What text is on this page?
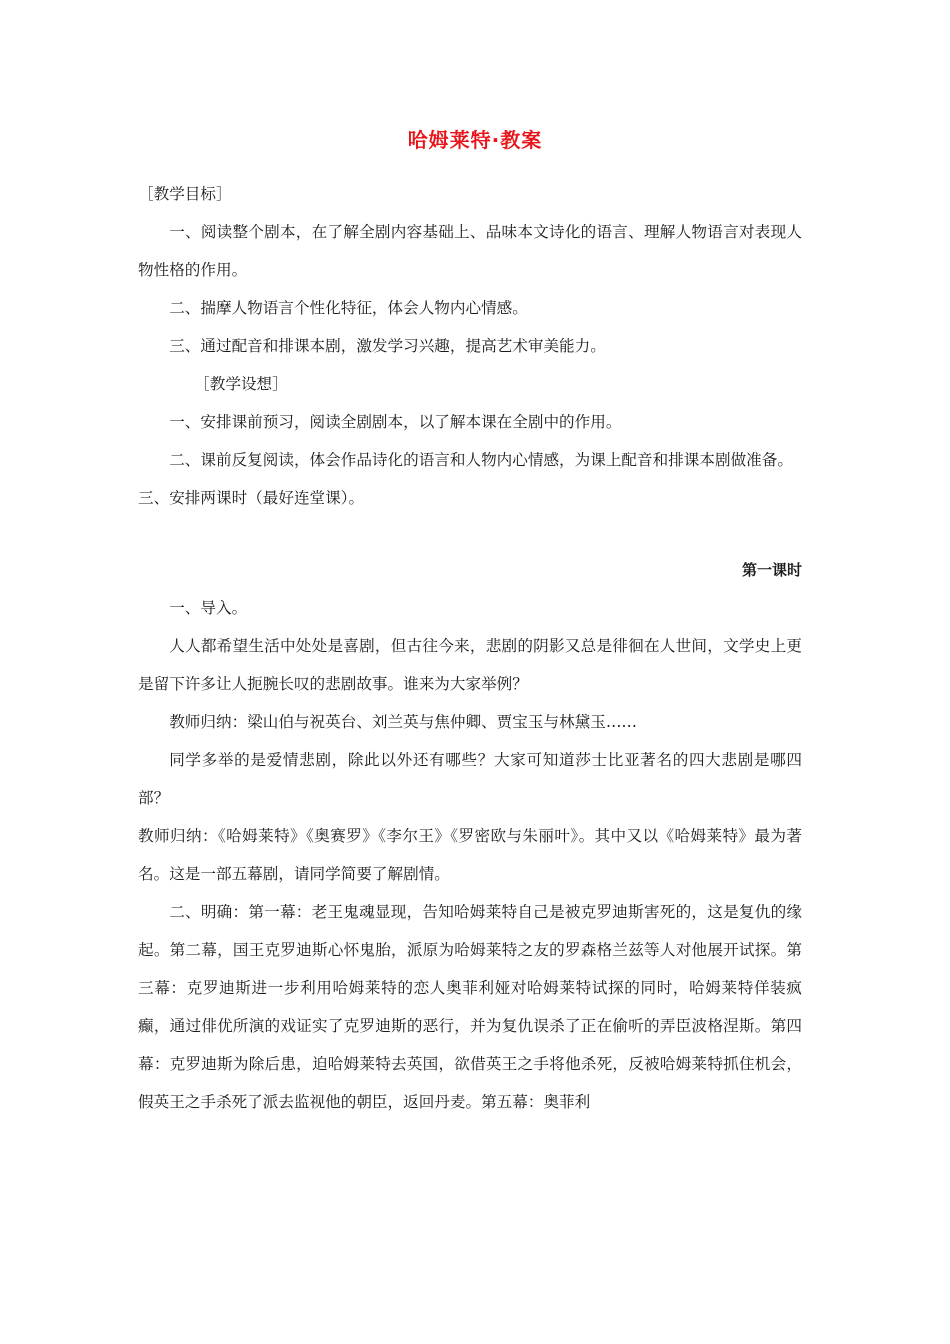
哈姆莱特·教案

［教学目标］

一、阅读整个剧本，在了解全剧内容基础上、品味本文诗化的语言、理解人物语言对表现人物性格的作用。

二、揣摩人物语言个性化特征，体会人物内心情感。

三、通过配音和排课本剧，激发学习兴趣，提高艺术审美能力。

［教学设想］

一、安排课前预习，阅读全剧剧本，以了解本课在全剧中的作用。

二、课前反复阅读，体会作品诗化的语言和人物内心情感，为课上配音和排课本剧做准备。

三、安排两课时（最好连堂课）。

第一课时

一、导入。

人人都希望生活中处处是喜剧，但古往今来，悲剧的阴影又总是徘徊在人世间，文学史上更是留下许多让人扼腕长叹的悲剧故事。谁来为大家举例？

教师归纳：梁山伯与祝英台、刘兰英与焦仲卿、贾宝玉与林黛玉……

同学多举的是爱情悲剧，除此以外还有哪些？大家可知道莎士比亚著名的四大悲剧是哪四部？

教师归纳：《哈姆莱特》《奥赛罗》《李尔王》《罗密欧与朱丽叶》。其中又以《哈姆莱特》最为著名。这是一部五幕剧，请同学简要了解剧情。

二、明确：第一幕：老王鬼魂显现，告知哈姆莱特自己是被克罗迪斯害死的，这是复仇的缘起。第二幕，国王克罗迪斯心怀鬼胎，派原为哈姆莱特之友的罗森格兰兹等人对他展开试探。第三幕：克罗迪斯进一步利用哈姆莱特的恋人奥菲利娅对哈姆莱特试探的同时，哈姆莱特佯装疯癫，通过俳优所演的戏证实了克罗迪斯的恶行，并为复仇误杀了正在偷听的弄臣波格涅斯。第四幕：克罗迪斯为除后患，迫哈姆莱特去英国，欲借英王之手将他杀死，反被哈姆莱特抓住机会，假英王之手杀死了派去监视他的朝臣，返回丹麦。第五幕：奥菲利
